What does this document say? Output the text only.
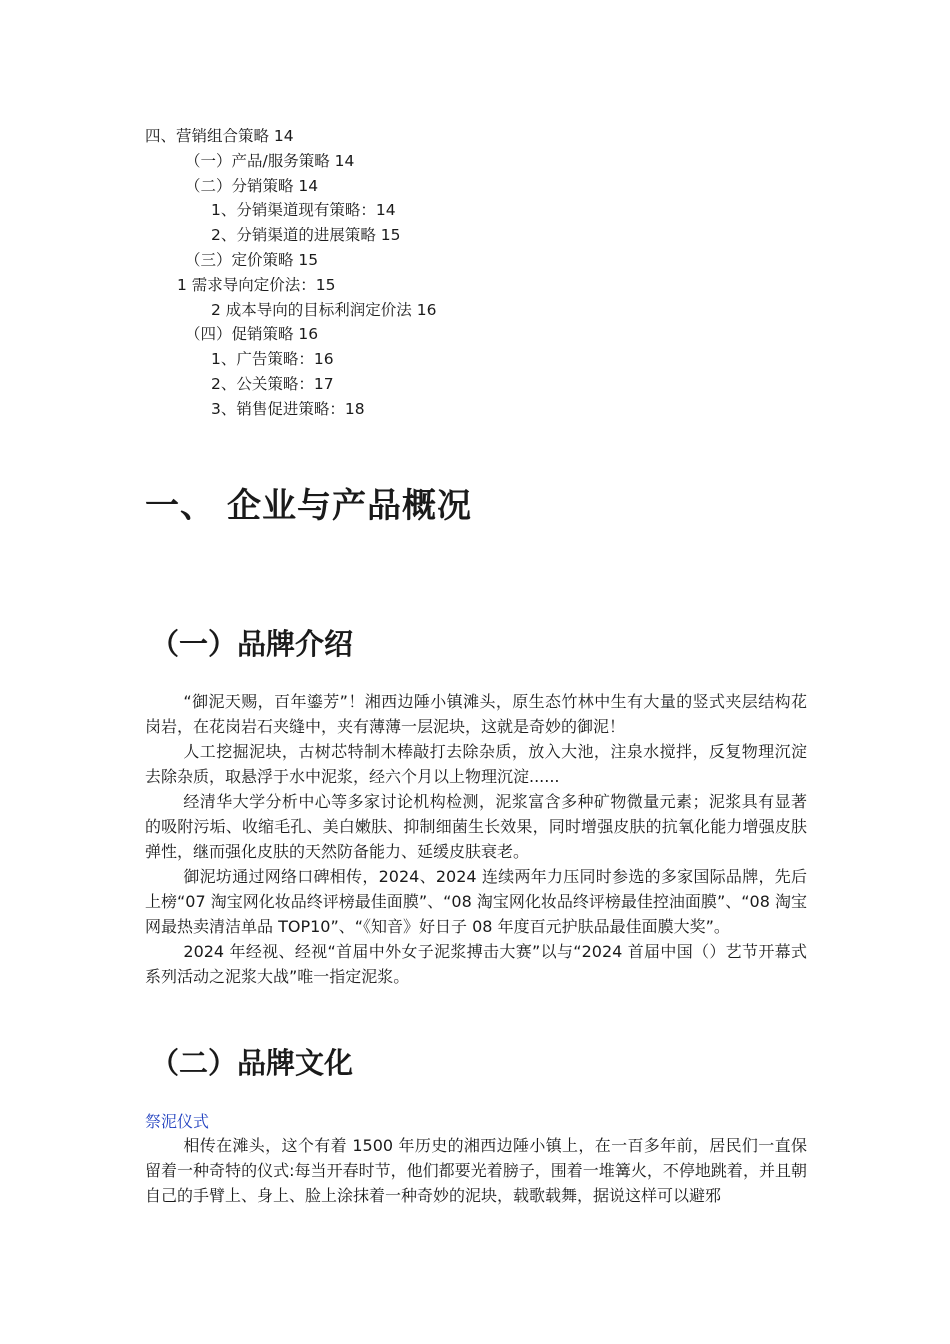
四、营销组合策略 14
（一）产品/服务策略 14
（二）分销策略 14
1、分销渠道现有策略：14
2、分销渠道的进展策略 15
（三）定价策略 15
1 需求导向定价法：15
2 成本导向的目标利润定价法 16
（四）促销策略 16
1、广告策略：16
2、公关策略：17
3、销售促进策略：18
一、 企业与产品概况
（一）品牌介绍

“御泥天赐，百年鎏芳”！湘西边陲小镇滩头，原生态竹林中生有大量的竖式夹层结构花岗岩，在花岗岩石夹缝中，夹有薄薄一层泥块，这就是奇妙的御泥！

人工挖掘泥块，古树芯特制木棒敲打去除杂质，放入大池，注泉水搅拌，反复物理沉淀去除杂质，取悬浮于水中泥浆，经六个月以上物理沉淀......

经清华大学分析中心等多家讨论机构检测，泥浆富含多种矿物微量元素；泥浆具有显著的吸附污垢、收缩毛孔、美白嫩肤、抑制细菌生长效果，同时增强皮肤的抗氧化能力增强皮肤弹性，继而强化皮肤的天然防备能力、延缓皮肤衰老。

御泥坊通过网络口碑相传，2024、2024 连续两年力压同时参选的多家国际品牌，先后上榜“07 淘宝网化妆品终评榜最佳面膜”、“08 淘宝网化妆品终评榜最佳控油面膜”、“08 淘宝网最热卖清洁单品 TOP10”、“《知音》好日子 08 年度百元护肤品最佳面膜大奖”。

2024 年经视、经视“首届中外女子泥浆搏击大赛”以与“2024 首届中国（）艺节开幕式系列活动之泥浆大战”唯一指定泥浆。

（二）品牌文化
祭泥仪式

相传在滩头，这个有着 1500 年历史的湘西边陲小镇上，在一百多年前，居民们一直保留着一种奇特的仪式:每当开春时节，他们都要光着膀子，围着一堆篝火，不停地跳着，并且朝自己的手臂上、身上、脸上涂抹着一种奇妙的泥块，载歌载舞，据说这样可以避邪
